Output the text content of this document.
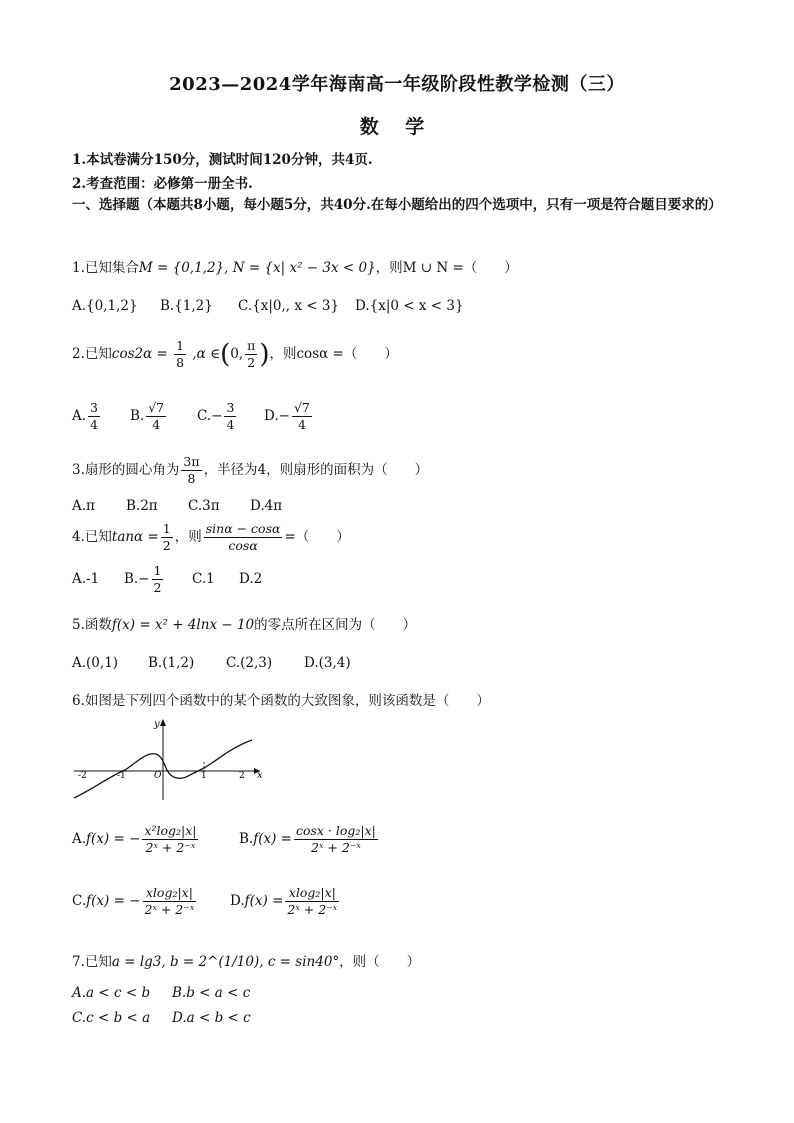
2023—2024学年海南高一年级阶段性教学检测（三）
数 学
1.本试卷满分150分，测试时间120分钟，共4页.
2.考查范围：必修第一册全书.
一、选择题（本题共8小题，每小题5分，共40分.在每小题给出的四个选项中，只有一项是符合题目要求的）
1.已知集合M = {0,1,2}, N = {x| x² − 3x < 0}，则M ∪ N =（　　）
A.{0,1,2} B.{1,2} C.{x|0,, x < 3} D.{x|0 < x < 3}
2.已知$\cos 2\alpha = \frac{1}{8} ,\alpha$ ∈(0, $\frac{\pi}{2}$ )，则cosα =（　　）
A. $\frac{3}{4} B$. $\frac{√7}{4} C.- \frac{3}{4} D.- \frac{√7}{4}$
3.扇形的圆心角为 $\frac{3\pi}{8}$ ，半径为4，则扇形的面积为（　　）
A.π B.2π C.3π D.4π
4.已知$\tan\alpha = \frac{1}{2}$ ，则 $\frac{\sin\alpha - \cos\alpha}{\cos\alpha}$ =（　　）
A.-1 $B.- \frac{1}{2} C.1$ D.2
5.函数f(x) = x² + 4lnx − 10的零点所在区间为（　　）
A.(0,1) B.(1,2) C.(2,3) D.(3,4)
6.如图是下列四个函数中的某个函数的大致图象，则该函数是（　　）
y
x
-2	-1	O	1	2
A.f(x) = − $\frac{\text{x²log₂|x|}}{\text{2ˣ + 2⁻ˣ}}$	$B.f(x) = \frac{\text{cosx · log₂|x|}}{\text{2ˣ + 2⁻ˣ}}$
C.f(x) = − $\frac{\text{xlog₂|x|}}{\text{2ˣ + 2⁻ˣ}} D.f(x) = \frac{\text{xlog₂|x|}}{\text{2ˣ + 2⁻ˣ}}$
7.已知a = lg3, b = 2^(1/10), c = sin40°，则（　　）
A.a < c < b B.b < a < c
C.c < b < a D.a < b < c
